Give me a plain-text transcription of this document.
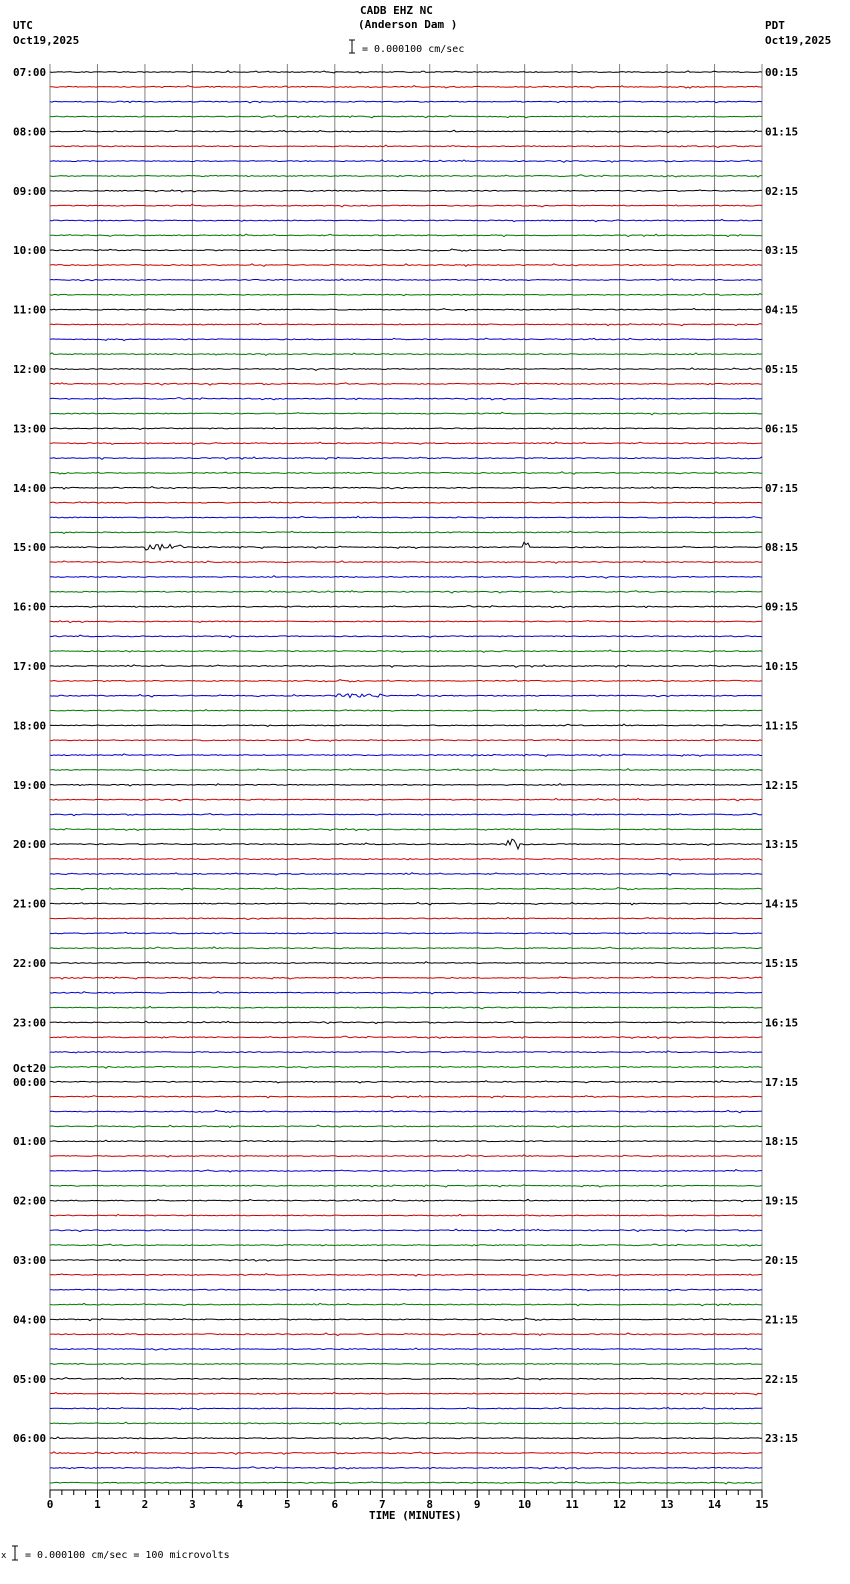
07:00
08:00
09:00
10:00
11:00
12:00
13:00
14:00
15:00
16:00
17:00
18:00
19:00
20:00
21:00
22:00
23:00
00:00
01:00
02:00
03:00
04:00
05:00
06:00
00:15
01:15
02:15
03:15
04:15
05:15
06:15
07:15
08:15
09:15
10:15
11:15
12:15
13:15
14:15
15:15
16:15
17:15
18:15
19:15
20:15
21:15
22:15
23:15
Oct20
0	1	2	3	4	5	6	7	8	9	10	11	12	13	14	15
CADB EHZ NC
(Anderson Dam )
UTC
Oct19,2025
PDT
Oct19,2025
= 0.000100 cm/sec
TIME (MINUTES)
x = 0.000100 cm/sec = 100 microvolts
